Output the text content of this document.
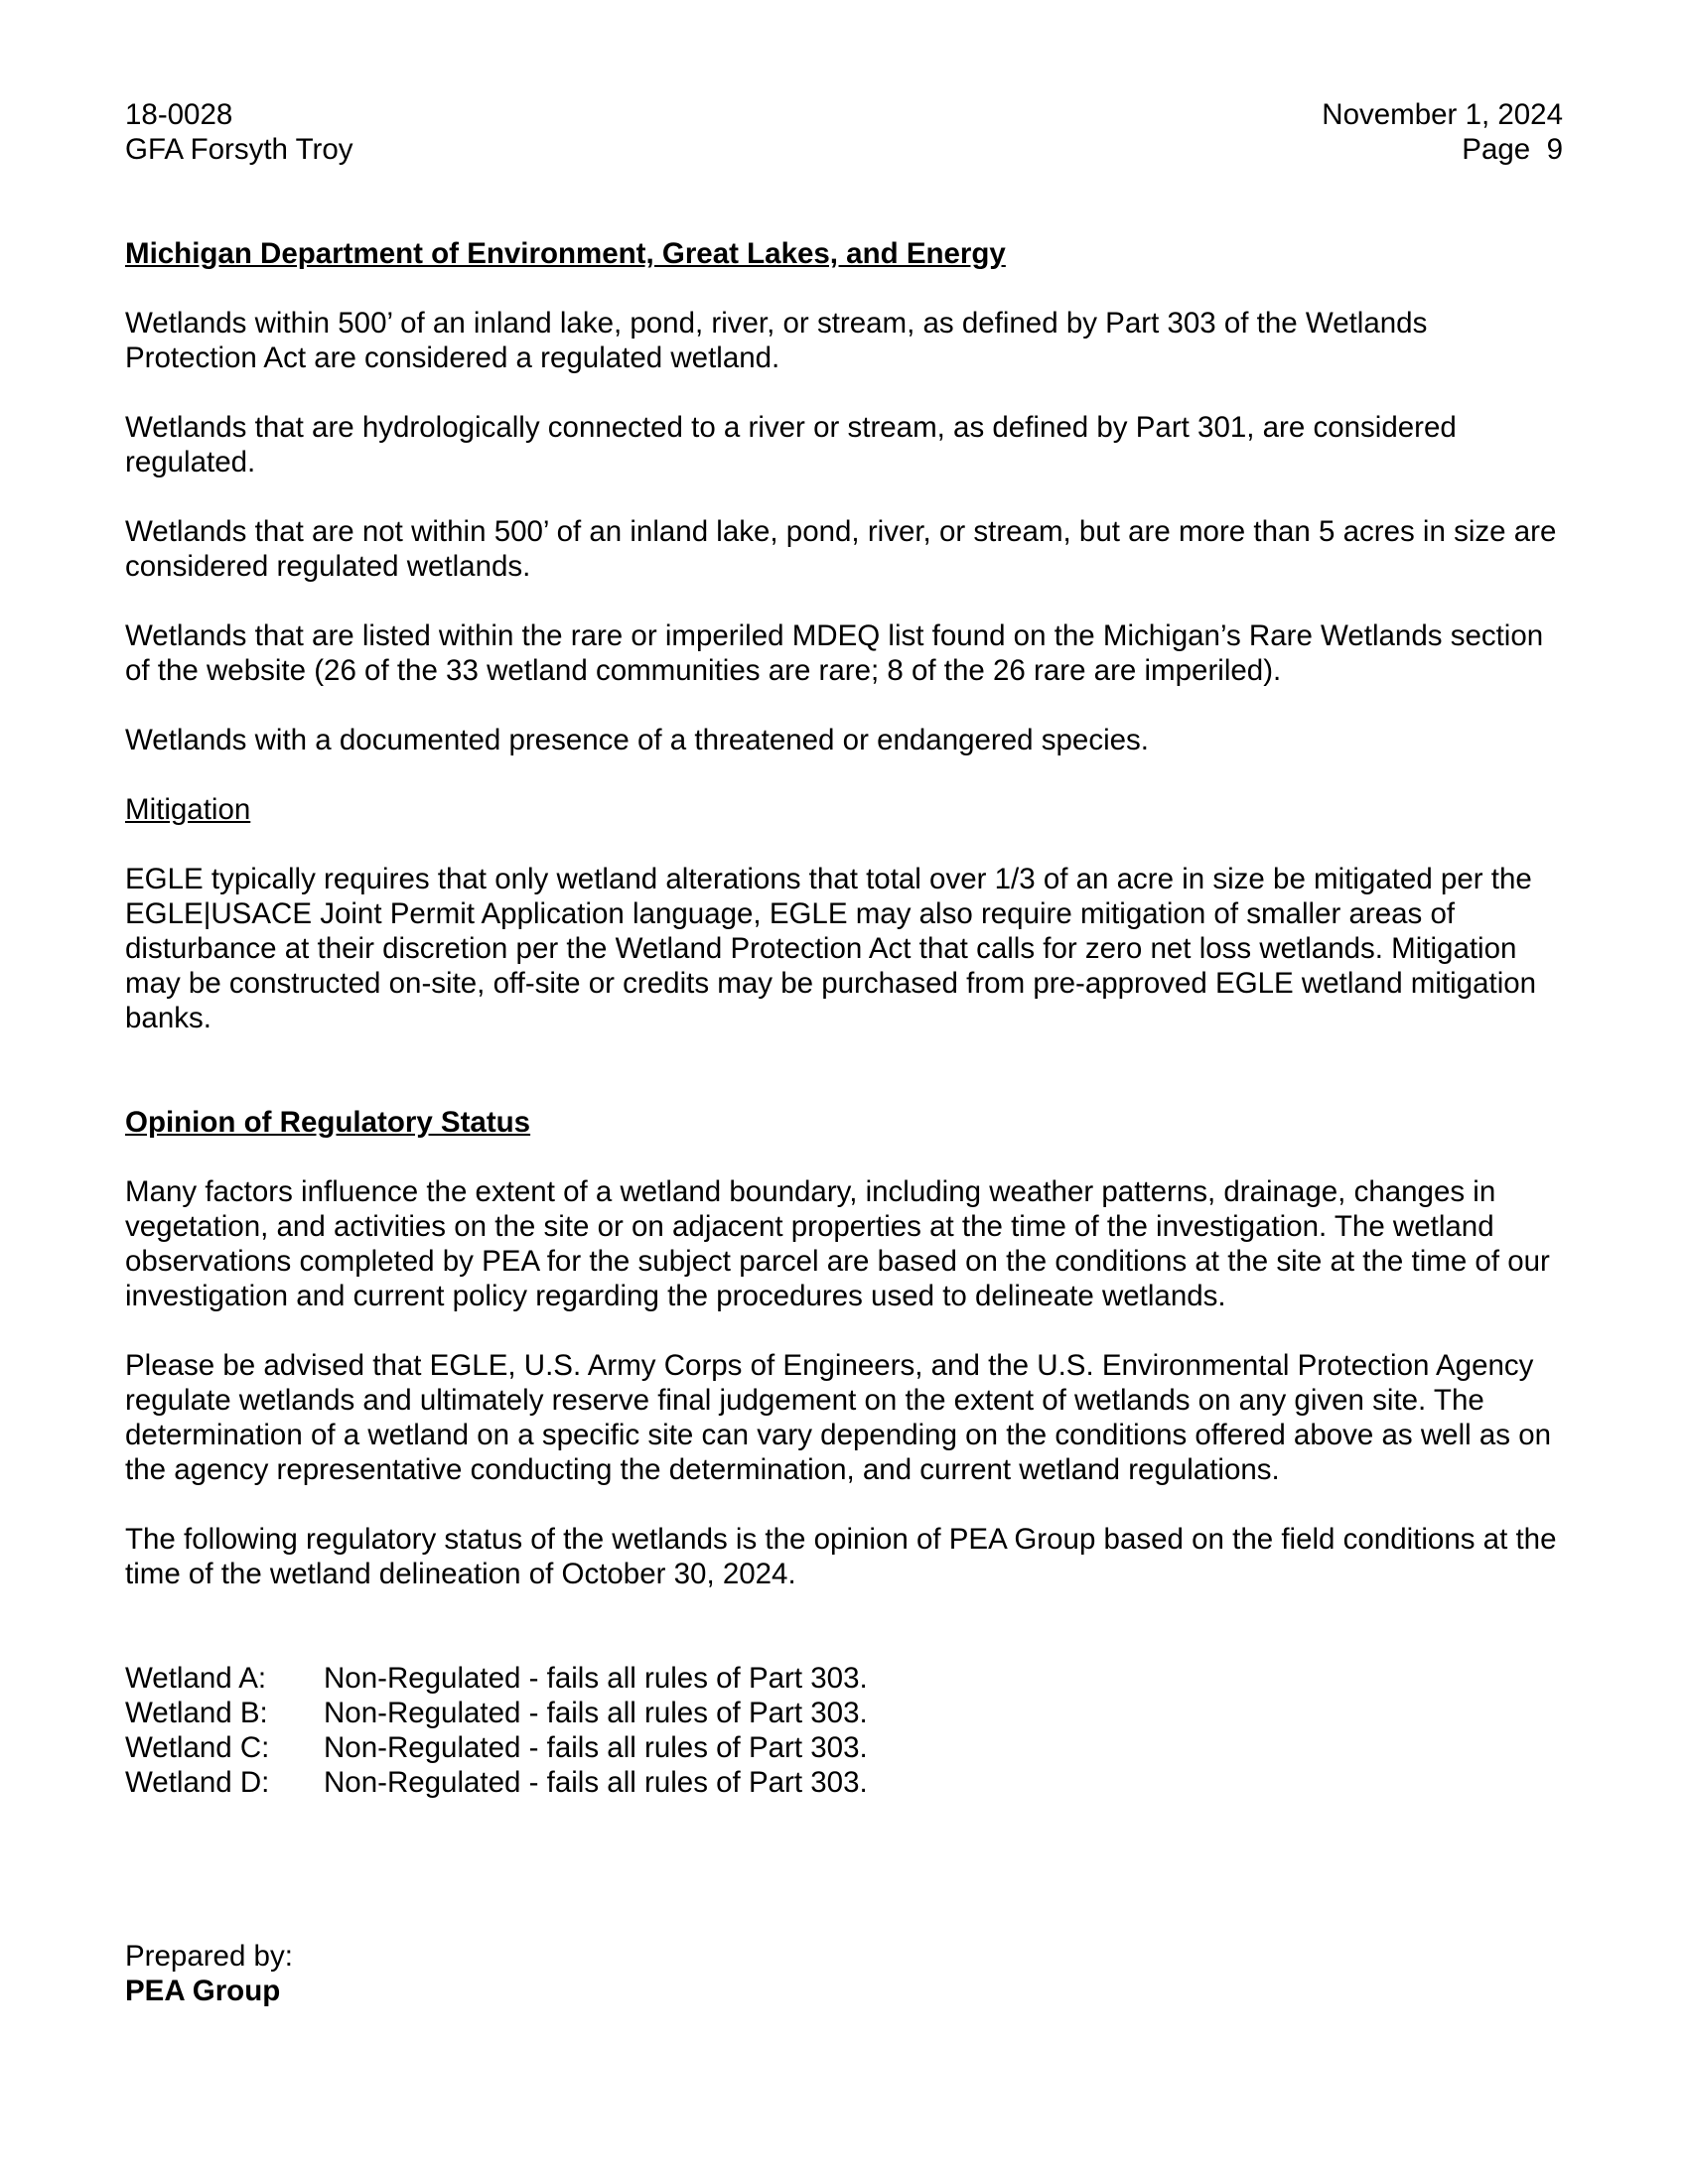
18-0028
GFA Forsyth Troy
November 1, 2024
Page  9
Michigan Department of Environment, Great Lakes, and Energy

Wetlands within 500’ of an inland lake, pond, river, or stream, as defined by Part 303 of the Wetlands Protection Act are considered a regulated wetland.

Wetlands that are hydrologically connected to a river or stream, as defined by Part 301, are considered regulated.

Wetlands that are not within 500’ of an inland lake, pond, river, or stream, but are more than 5 acres in size are considered regulated wetlands.

Wetlands that are listed within the rare or imperiled MDEQ list found on the Michigan’s Rare Wetlands section of the website (26 of the 33 wetland communities are rare; 8 of the 26 rare are imperiled).

Wetlands with a documented presence of a threatened or endangered species.

Mitigation

EGLE typically requires that only wetland alterations that total over 1/3 of an acre in size be mitigated per the EGLE|USACE Joint Permit Application language, EGLE may also require mitigation of smaller areas of disturbance at their discretion per the Wetland Protection Act that calls for zero net loss wetlands. Mitigation may be constructed on-site, off-site or credits may be purchased from pre-approved EGLE wetland mitigation banks.

Opinion of Regulatory Status

Many factors influence the extent of a wetland boundary, including weather patterns, drainage, changes in vegetation, and activities on the site or on adjacent properties at the time of the investigation. The wetland observations completed by PEA for the subject parcel are based on the conditions at the site at the time of our investigation and current policy regarding the procedures used to delineate wetlands.

Please be advised that EGLE, U.S. Army Corps of Engineers, and the U.S. Environmental Protection Agency regulate wetlands and ultimately reserve final judgement on the extent of wetlands on any given site. The determination of a wetland on a specific site can vary depending on the conditions offered above as well as on the agency representative conducting the determination, and current wetland regulations.

The following regulatory status of the wetlands is the opinion of PEA Group based on the field conditions at the time of the wetland delineation of October 30, 2024.

Wetland A:	Non-Regulated - fails all rules of Part 303.
Wetland B:	Non-Regulated - fails all rules of Part 303.
Wetland C:	Non-Regulated - fails all rules of Part 303.
Wetland D:	Non-Regulated - fails all rules of Part 303.
Prepared by:
PEA Group
